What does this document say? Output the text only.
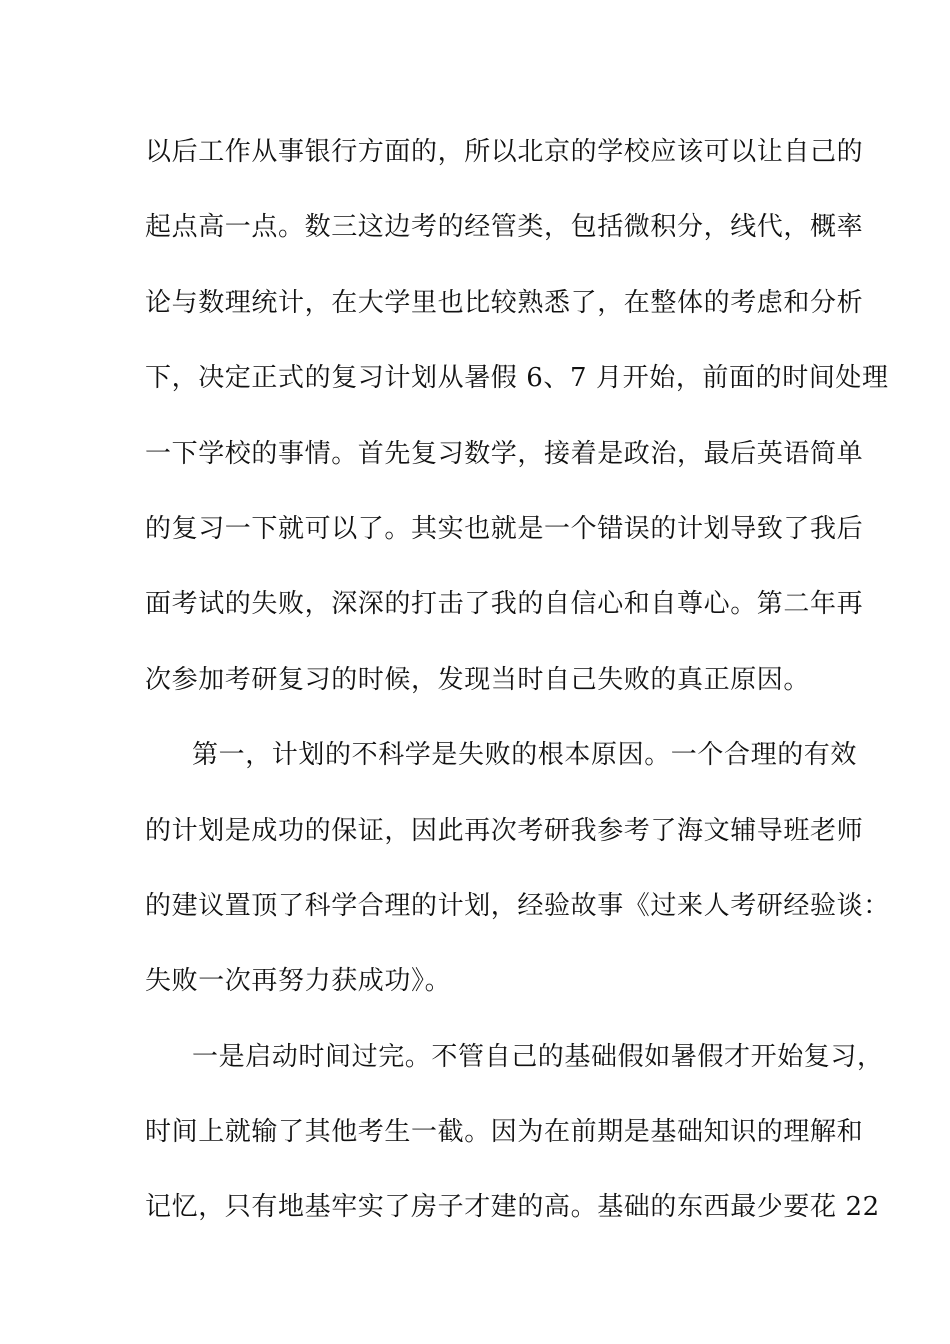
以后工作从事银行方面的，所以北京的学校应该可以让自己的
起点高一点。数三这边考的经管类，包括微积分，线代，概率
论与数理统计，在大学里也比较熟悉了，在整体的考虑和分析
下，决定正式的复习计划从暑假 6、7 月开始，前面的时间处理
一下学校的事情。首先复习数学，接着是政治，最后英语简单
的复习一下就可以了。其实也就是一个错误的计划导致了我后
面考试的失败，深深的打击了我的自信心和自尊心。第二年再
次参加考研复习的时候，发现当时自己失败的真正原因。
第一，计划的不科学是失败的根本原因。一个合理的有效
的计划是成功的保证，因此再次考研我参考了海文辅导班老师
的建议置顶了科学合理的计划，经验故事《过来人考研经验谈：
失败一次再努力获成功》。
一是启动时间过完。不管自己的基础假如暑假才开始复习，
时间上就输了其他考生一截。因为在前期是基础知识的理解和
记忆，只有地基牢实了房子才建的高。基础的东西最少要花 22
